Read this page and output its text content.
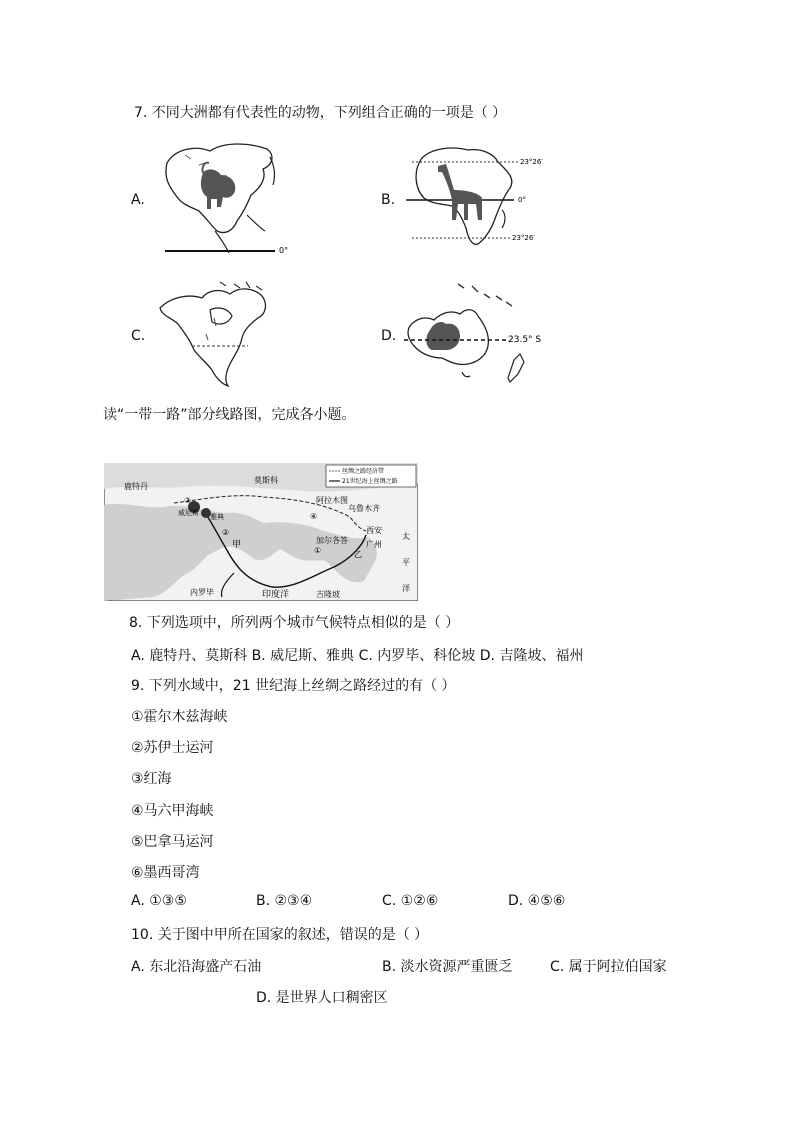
7. 不同大洲都有代表性的动物，下列组合正确的一项是（ ）
A.
0°
B.
23°26′
0°
23°26′
C.	D.	23.5° S
读“一带一路”部分线路图，完成各小题。
丝绸之路经济带
21世纪海上丝绸之路
鹿特丹
莫斯科
阿拉木图
乌鲁木齐
西安
威尼斯 雅典
加尔各答 广州
甲
乙
内罗毕	印度洋	吉隆坡
太
平
洋
③
④
①
②
8. 下列选项中，所列两个城市气候特点相似的是（ ）
A. 鹿特丹、莫斯科 B. 威尼斯、雅典 C. 内罗毕、科伦坡 D. 吉隆坡、福州
9. 下列水域中，21 世纪海上丝绸之路经过的有（ ）
①霍尔木兹海峡
②苏伊士运河
③红海
④马六甲海峡
⑤巴拿马运河
⑥墨西哥湾
A. ①③⑤	B. ②③④	C. ①②⑥	D. ④⑤⑥
10. 关于图中甲所在国家的叙述，错误的是（ ）
A. 东北沿海盛产石油	B. 淡水资源严重匮乏	C. 属于阿拉伯国家
D. 是世界人口稠密区
